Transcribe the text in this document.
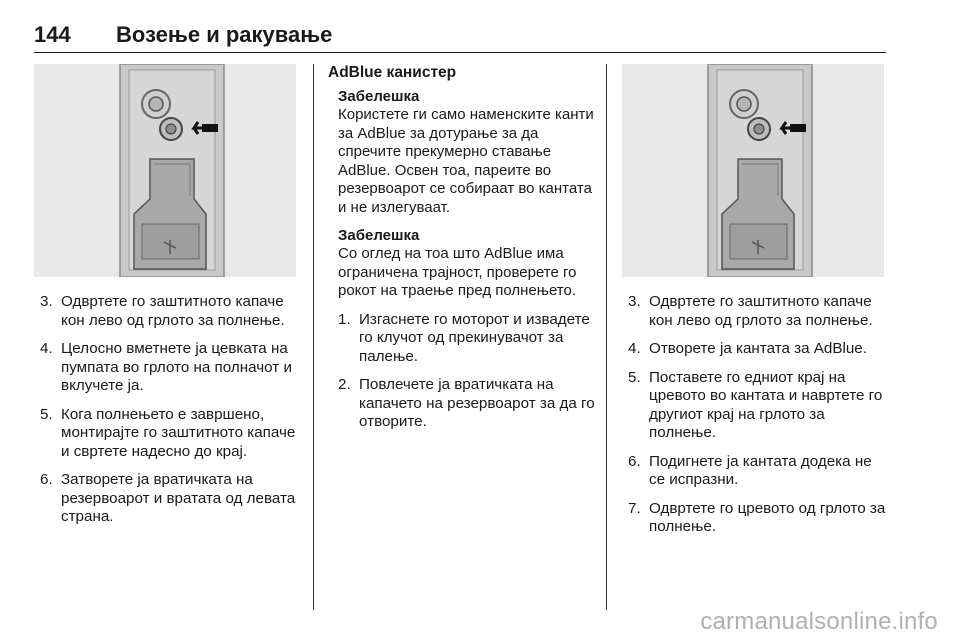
144 Возење и ракување
3. Одвртете го заштитното капаче кон лево од грлото за полнење.
4. Целосно вметнете ја цевката на пумпата во грлото на полначот и вклучете ја.
5. Кога полнењето е завршено, монтирајте го заштитното капаче и свртете надесно до крај.
6. Затворете ја вратичката на резервоарот и вратата од левата страна.
AdBlue канистер
Забелешка
Користете ги само наменските канти за AdBlue за дотурање за да спречите прекумерно ставање AdBlue. Освен тоа, пареите во резервоарот се собираат во кантата и не излегуваат.
Забелешка
Со оглед на тоа што AdBlue има ограничена трајност, проверете го рокот на траење пред полнењето.
1. Изгаснете го моторот и извадете го клучот од прекинувачот за палење.
2. Повлечете ја вратичката на капачето на резервоарот за да го отворите.
3. Одвртете го заштитното капаче кон лево од грлото за полнење.
4. Отворете ја кантата за AdBlue.
5. Поставете го едниот крај на цревото во кантата и навртете го другиот крај на грлото за полнење.
6. Подигнете ја кантата додека не се испразни.
7. Одвртете го цревото од грлото за полнење.
carmanualsonline.info
